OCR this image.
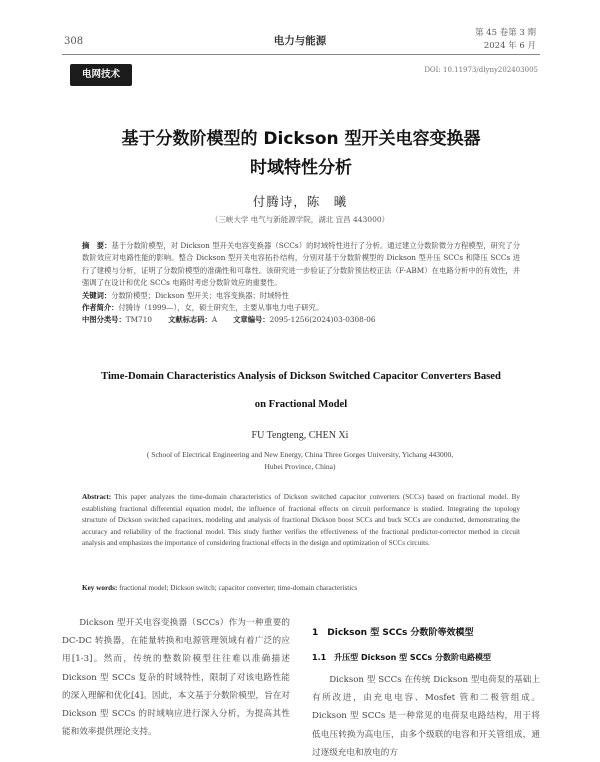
308	电力与能源
第 45 卷第 3 期
2024 年 6 月
电网技术	DOI: 10.11973/dlyny202403005
基于分数阶模型的 Dickson 型开关电容变换器
时域特性分析
付腾诗，陈　曦
（三峡大学 电气与新能源学院，湖北 宜昌 443000）

摘　要：基于分数阶模型，对 Dickson 型开关电容变换器（SCCs）的时域特性进行了分析。通过建立分数阶微分方程模型，研究了分数阶效应对电路性能的影响。整合 Dickson 型开关电容拓扑结构，分别对基于分数阶模型的 Dickson 型升压 SCCs 和降压 SCCs 进行了建模与分析，证明了分数阶模型的准确性和可靠性。该研究进一步验证了分数阶预估校正法（F-ABM）在电路分析中的有效性，并强调了在设计和优化 SCCs 电路时考虑分数阶效应的重要性。

关键词：分数阶模型；Dickson 型开关；电容变换器；时域特性

作者简介：付腾诗（1999—），女，硕士研究生，主要从事电力电子研究。

中图分类号：TM710 文献标志码：A 文章编号：2095-1256(2024)03-0308-06

Time-Domain Characteristics Analysis of Dickson Switched Capacitor Converters Based
on Fractional Model
FU Tengteng, CHEN Xi
( School of Electrical Engineering and New Energy, China Three Gorges University, Yichang 443000,
Hubei Province, China)
Abstract: This paper analyzes the time-domain characteristics of Dickson switched capacitor converters (SCCs) based on fractional model. By establishing fractional differential equation model, the influence of fractional effects on circuit performance is studied. Integrating the topology structure of Dickson switched capacitors, modeling and analysis of fractional Dickson boost SCCs and buck SCCs are conducted, demonstrating the accuracy and reliability of the fractional model. This study further verifies the effectiveness of the fractional predictor-corrector method in circuit analysis and emphasizes the importance of considering fractional effects in the design and optimization of SCCs circuits.
Key words: fractional model; Dickson switch; capacitor converter; time-domain characteristics
Dickson 型开关电容变换器（SCCs）作为一种重要的 DC-DC 转换器，在能量转换和电源管理领域有着广泛的应用[1-3]。然而，传统的整数阶模型往往难以准确描述 Dickson 型 SCCs 复杂的时域特性，限制了对该电路性能的深入理解和优化[4]。因此，本文基于分数阶模型，旨在对 Dickson 型 SCCs 的时域响应进行深入分析，为提高其性能和效率提供理论支持。
1　Dickson 型 SCCs 分数阶等效模型
1.1　升压型 Dickson 型 SCCs 分数阶电路模型
Dickson 型 SCCs 在传统 Dickson 型电荷泵的基础上有所改进，由充电电容、Mosfet 管和二极管组成。Dickson 型 SCCs 是一种常见的电荷泵电路结构，用于将低电压转换为高电压，由多个级联的电容和开关管组成，通过逐级充电和放电的方
